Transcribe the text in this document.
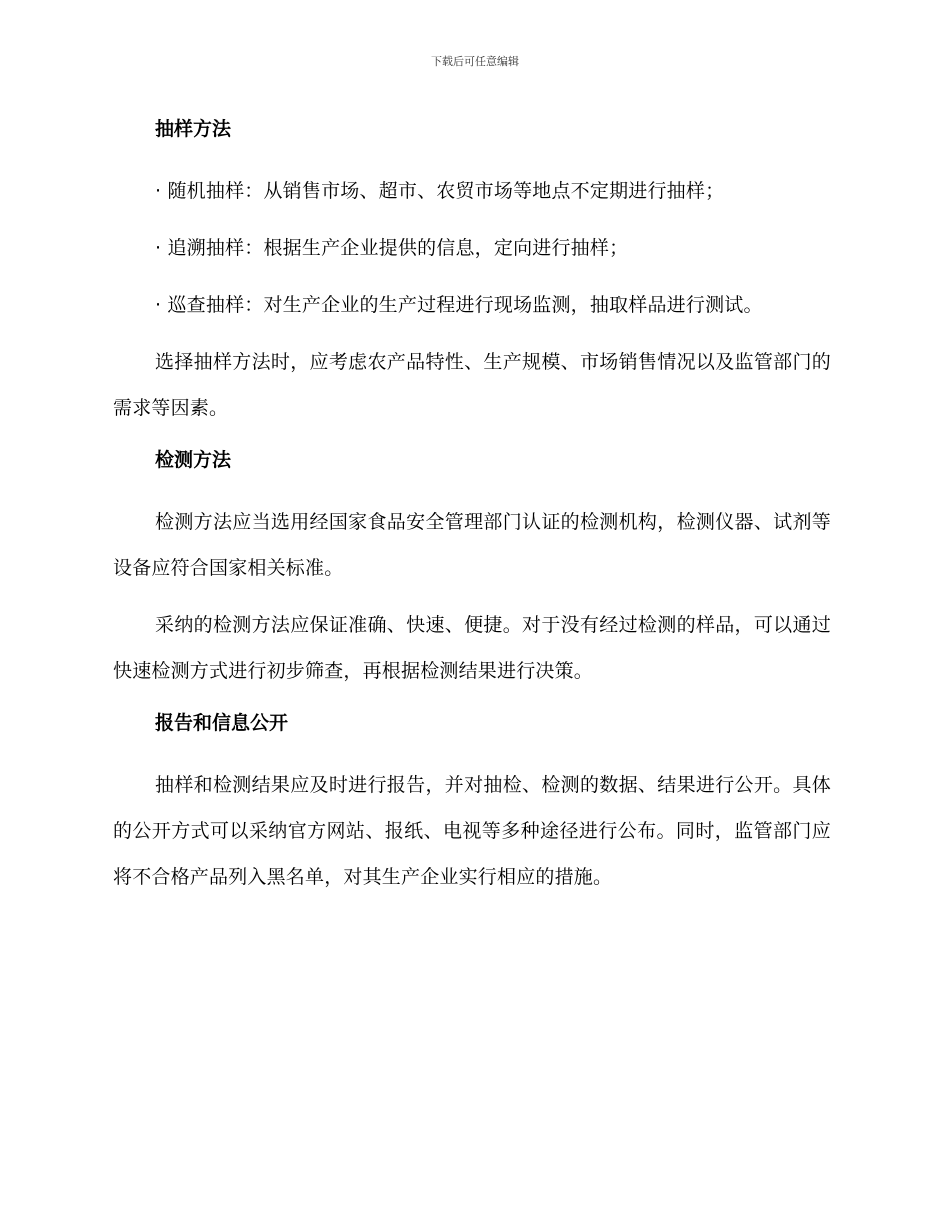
下载后可任意编辑
抽样方法

· 随机抽样：从销售市场、超市、农贸市场等地点不定期进行抽样；

· 追溯抽样：根据生产企业提供的信息，定向进行抽样；

· 巡查抽样：对生产企业的生产过程进行现场监测，抽取样品进行测试。

选择抽样方法时，应考虑农产品特性、生产规模、市场销售情况以及监管部门的需求等因素。

检测方法

检测方法应当选用经国家食品安全管理部门认证的检测机构，检测仪器、试剂等设备应符合国家相关标准。

采纳的检测方法应保证准确、快速、便捷。对于没有经过检测的样品，可以通过快速检测方式进行初步筛查，再根据检测结果进行决策。

报告和信息公开

抽样和检测结果应及时进行报告，并对抽检、检测的数据、结果进行公开。具体的公开方式可以采纳官方网站、报纸、电视等多种途径进行公布。同时，监管部门应将不合格产品列入黑名单，对其生产企业实行相应的措施。
